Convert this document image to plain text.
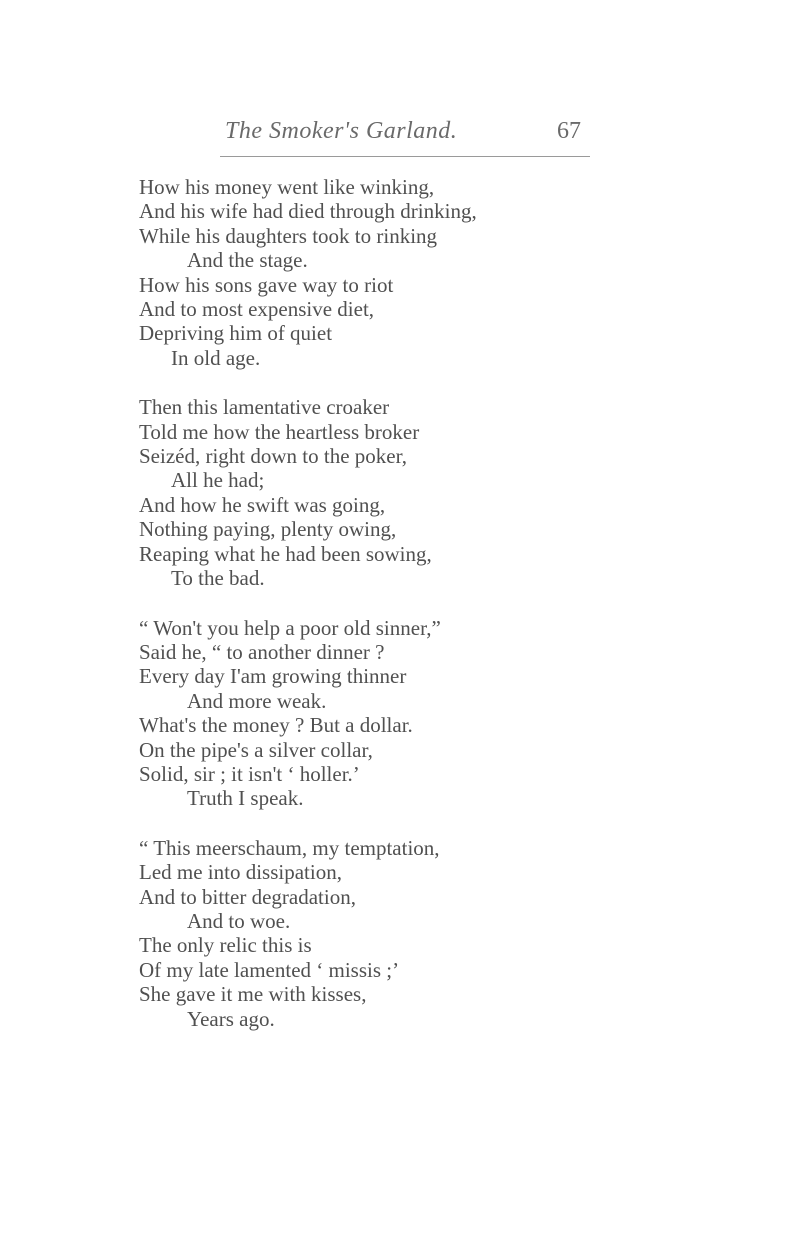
The Smoker's Garland.	67
How his money went like winking,
And his wife had died through drinking,
While his daughters took to rinking
And the stage.
How his sons gave way to riot
And to most expensive diet,
Depriving him of quiet
In old age.
Then this lamentative croaker
Told me how the heartless broker
Seizéd, right down to the poker,
All he had;
And how he swift was going,
Nothing paying, plenty owing,
Reaping what he had been sowing,
To the bad.
“ Won't you help a poor old sinner,”
Said he, “ to another dinner ?
Every day I'am growing thinner
And more weak.
What's the money ? But a dollar.
On the pipe's a silver collar,
Solid, sir ; it isn't ‘ holler.’
Truth I speak.
“ This meerschaum, my temptation,
Led me into dissipation,
And to bitter degradation,
And to woe.
The only relic this is
Of my late lamented ‘ missis ;’
She gave it me with kisses,
Years ago.
